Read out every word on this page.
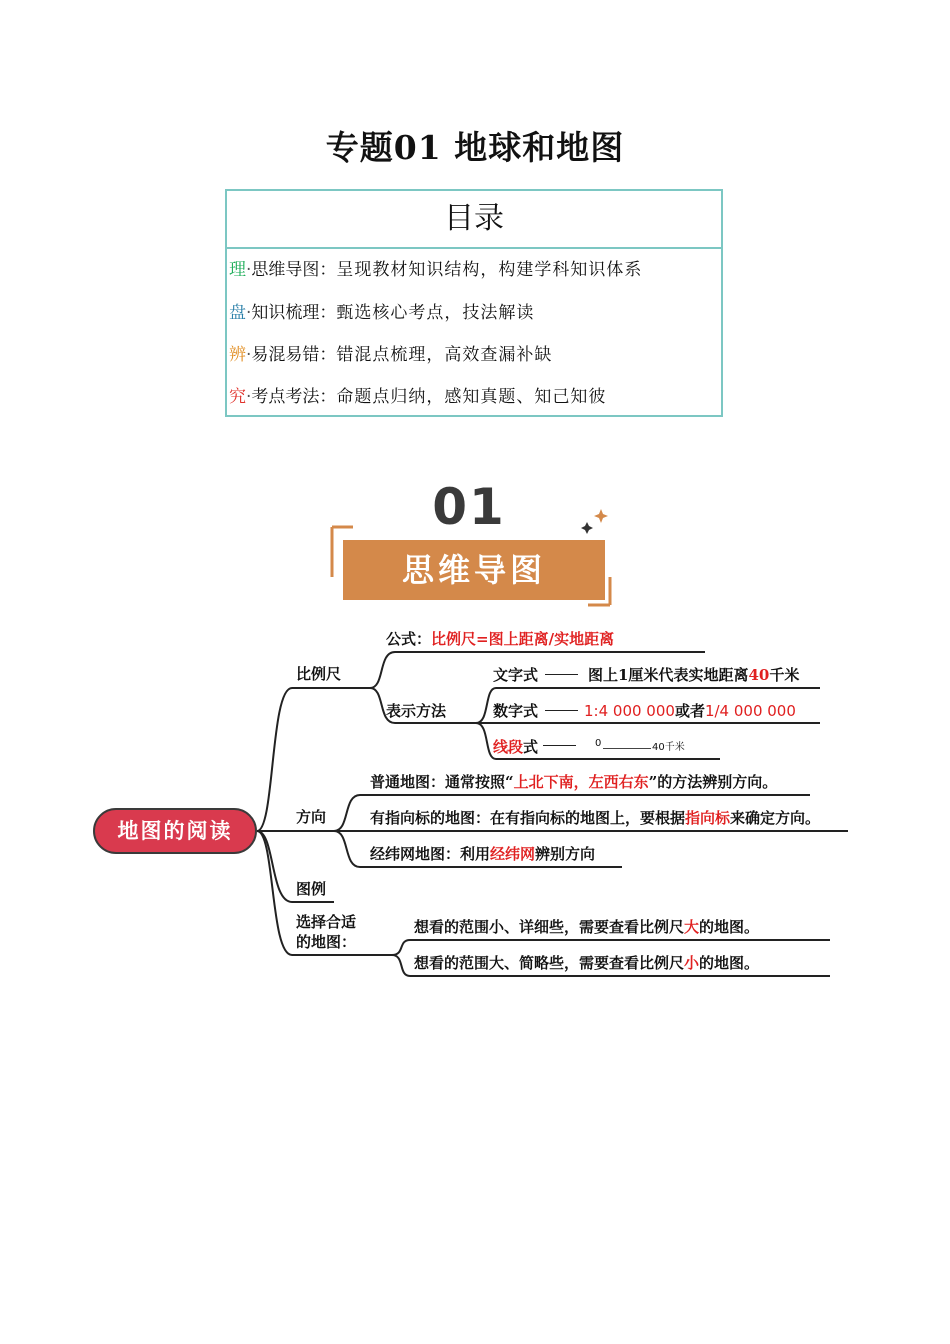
专题01 地球和地图
目录
理·思维导图：呈现教材知识结构，构建学科知识体系
盘·知识梳理：甄选核心考点，技法解读
辨·易混易错：错混点梳理，高效查漏补缺
究·考点考法：命题点归纳，感知真题、知己知彼
01
思维导图
地图的阅读
比例尺
公式：比例尺=图上距离/实地距离
表示方法
文字式	图上1厘米代表实地距离40千米
数字式	1:4 000 000或者1/4 000 000
线段式	0	40千米
方向
普通地图：通常按照“上北下南，左西右东”的方法辨别方向。
有指向标的地图：在有指向标的地图上，要根据指向标来确定方向。
经纬网地图：利用经纬网辨别方向
图例
选择合适
的地图：
想看的范围小、详细些，需要查看比例尺大的地图。
想看的范围大、简略些，需要查看比例尺小的地图。
